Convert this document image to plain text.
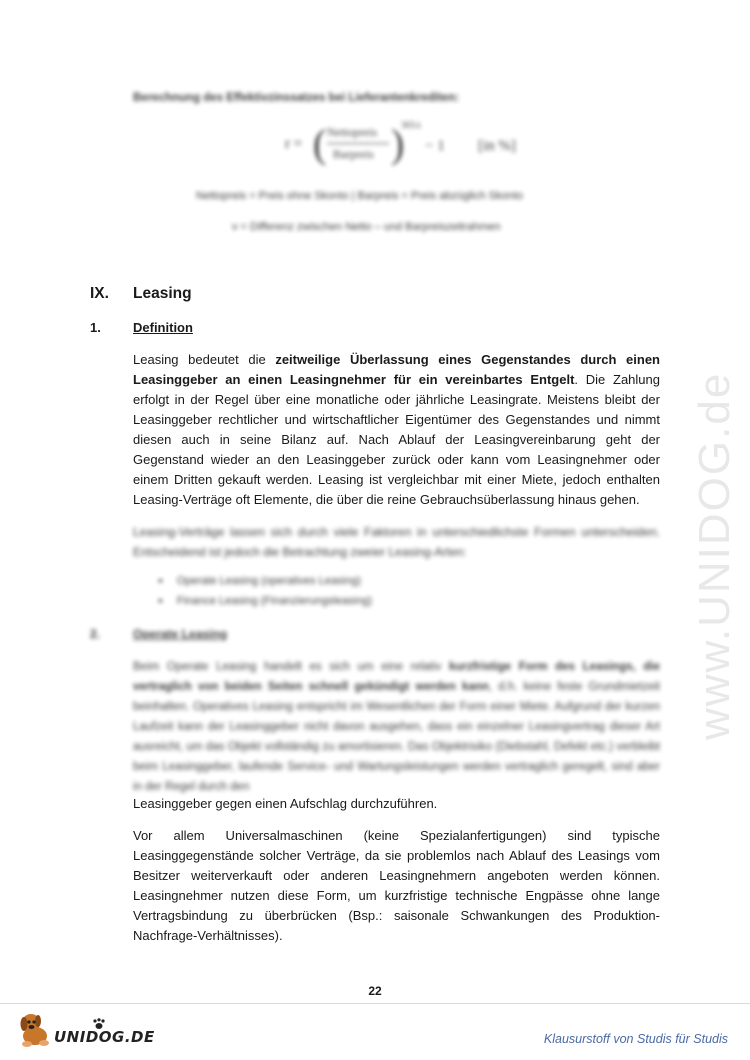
Berechnung des Effektivzinssatzes bei Lieferantenkrediten:
r = ( Nettopreis
Barpreis )
365/z
− 1 [in %]
Nettopreis = Preis ohne Skonto | Barpreis = Preis abzüglich Skonto
v = Differenz zwischen Netto – und Barpreiszeitrahmen
IX. Leasing
1. Definition
Leasing bedeutet die zeitweilige Überlassung eines Gegenstandes durch einen Leasinggeber an einen Leasingnehmer für ein vereinbartes Entgelt. Die Zahlung erfolgt in der Regel über eine monatliche oder jährliche Leasingrate. Meistens bleibt der Leasinggeber rechtlicher und wirtschaftlicher Eigentümer des Gegenstandes und nimmt diesen auch in seine Bilanz auf. Nach Ablauf der Leasingvereinbarung geht der Gegenstand wieder an den Leasinggeber zurück oder kann vom Leasingnehmer oder einem Dritten gekauft werden. Leasing ist vergleichbar mit einer Miete, jedoch enthalten Leasing-Verträge oft Elemente, die über die reine Gebrauchsüberlassung hinaus gehen.
Leasing-Verträge lassen sich durch viele Faktoren in unterschiedlichste Formen unterscheiden. Entscheidend ist jedoch die Betrachtung zweier Leasing-Arten:
● Operate Leasing (operatives Leasing)
● Finance Leasing (Finanzierungsleasing)
2.	Operate Leasing
Beim Operate Leasing handelt es sich um eine relativ kurzfristige Form des Leasings, die vertraglich von beiden Seiten schnell gekündigt werden kann, d.h. keine feste Grundmietzeit beinhalten. Operatives Leasing entspricht im Wesentlichen der Form einer Miete. Aufgrund der kurzen Laufzeit kann der Leasinggeber nicht davon ausgehen, dass ein einzelner Leasingvertrag dieser Art ausreicht, um das Objekt vollständig zu amortisieren. Das Objektrisiko (Diebstahl, Defekt etc.) verbleibt beim Leasinggeber, laufende Service- und Wartungsleistungen werden vertraglich geregelt, sind aber in der Regel durch den
Leasinggeber gegen einen Aufschlag durchzuführen.
Vor allem Universalmaschinen (keine Spezialanfertigungen) sind typische Leasinggegenstände solcher Verträge, da sie problemlos nach Ablauf des Leasings vom Besitzer weiterverkauft oder anderen Leasingnehmern angeboten werden können. Leasingnehmer nutzen diese Form, um kurzfristige technische Engpässe ohne lange Vertragsbindung zu überbrücken (Bsp.: saisonale Schwankungen des Produktion-Nachfrage-Verhältnisses).
www.UNIDOG.de
22
UNIDOG.DE	Klausurstoff von Studis für Studis
